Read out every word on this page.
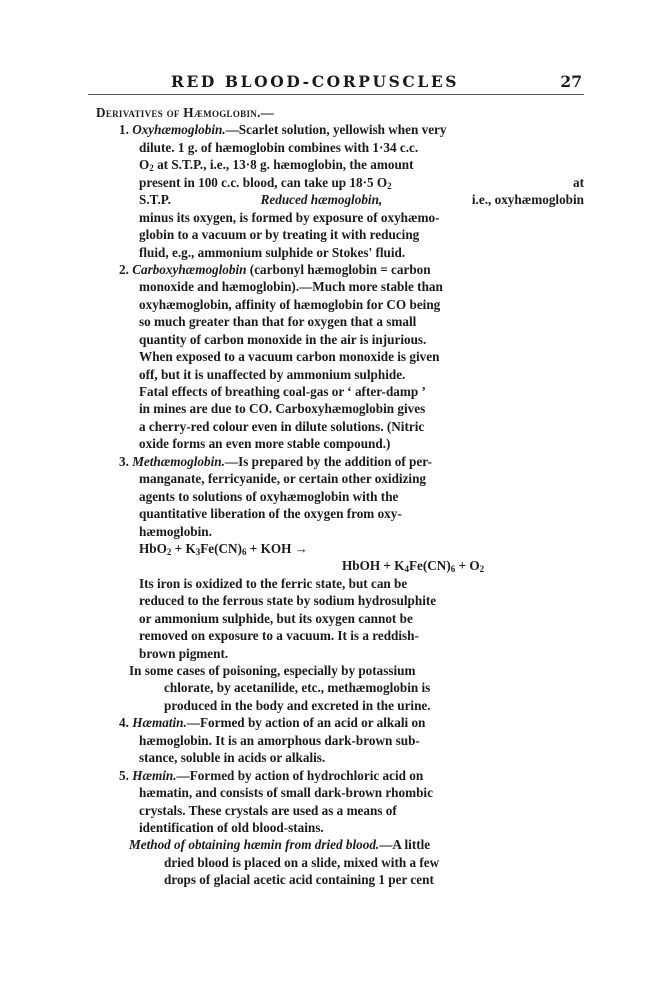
RED BLOOD-CORPUSCLES	27
Derivatives of Hæmoglobin.—
1. Oxyhæmoglobin.—Scarlet solution, yellowish when very
dilute. 1 g. of hæmoglobin combines with 1·34 c.c.
$O_2$ at S.T.P., i.e., 13·8 g. hæmoglobin, the amount
present in 100 c.c. blood, can take up 18·5 $O_2$	at
S.T.P.	Reduced hæmoglobin,	i.e., oxyhæmoglobin
minus its oxygen, is formed by exposure of oxyhæmo-
globin to a vacuum or by treating it with reducing
fluid, e.g., ammonium sulphide or Stokes' fluid.
2. Carboxyhæmoglobin (carbonyl hæmoglobin = carbon
monoxide and hæmoglobin).—Much more stable than
oxyhæmoglobin, affinity of hæmoglobin for CO being
so much greater than that for oxygen that a small
quantity of carbon monoxide in the air is injurious.
When exposed to a vacuum carbon monoxide is given
off, but it is unaffected by ammonium sulphide.
Fatal effects of breathing coal-gas or ‘ after-damp ’
in mines are due to CO. Carboxyhæmoglobin gives
a cherry-red colour even in dilute solutions. (Nitric
oxide forms an even more stable compound.)
3. Methæmoglobin.—Is prepared by the addition of per-
manganate, ferricyanide, or certain other oxidizing
agents to solutions of oxyhæmoglobin with the
quantitative liberation of the oxygen from oxy-
hæmoglobin.
$HbO_2 + K_3Fe(CN)_6$ + KOH →
HbOH + $K_4Fe(CN)_6 + O_2$
Its iron is oxidized to the ferric state, but can be
reduced to the ferrous state by sodium hydrosulphite
or ammonium sulphide, but its oxygen cannot be
removed on exposure to a vacuum. It is a reddish-
brown pigment.
In some cases of poisoning, especially by potassium
chlorate, by acetanilide, etc., methæmoglobin is
produced in the body and excreted in the urine.
4. Hæmatin.—Formed by action of an acid or alkali on
hæmoglobin. It is an amorphous dark-brown sub-
stance, soluble in acids or alkalis.
5. Hæmin.—Formed by action of hydrochloric acid on
hæmatin, and consists of small dark-brown rhombic
crystals. These crystals are used as a means of
identification of old blood-stains.
Method of obtaining hæmin from dried blood.—A little
dried blood is placed on a slide, mixed with a few
drops of glacial acetic acid containing 1 per cent
